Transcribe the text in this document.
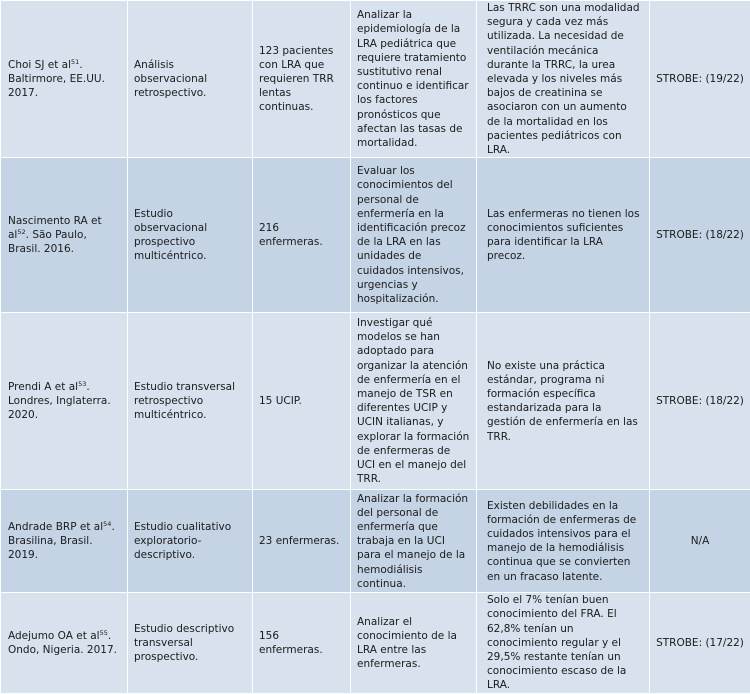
Choi SJ et $al^{51}$. Baltirmore, EE.UU. 2017.	Análisis observacional retrospectivo.	123 pacientes con LRA que requieren TRR lentas continuas.	Analizar la epidemiología de la LRA pediátrica que requiere tratamiento sustitutivo renal continuo e identificar los factores pronósticos que afectan las tasas de mortalidad.	Las TRRC son una modalidad segura y cada vez más utilizada. La necesidad de ventilación mecánica durante la TRRC, la urea elevada y los niveles más bajos de creatinina se asociaron con un aumento de la mortalidad en los pacientes pediátricos con LRA.	STROBE: (19/22)
Nascimento RA et $al^{52}$. São Paulo, Brasil. 2016.	Estudio observacional prospectivo multicéntrico.	216 enfermeras.	Evaluar los conocimientos del personal de enfermería en la identificación precoz de la LRA en las unidades de cuidados intensivos, urgencias y hospitalización.	Las enfermeras no tienen los conocimientos suficientes para identificar la LRA precoz.	STROBE: (18/22)
Prendi A et $al^{53}$. Londres, Inglaterra. 2020.	Estudio transversal retrospectivo multicéntrico.	15 UCIP.	Investigar qué modelos se han adoptado para organizar la atención de enfermería en el manejo de TSR en diferentes UCIP y UCIN italianas, y explorar la formación de enfermeras de UCI en el manejo del TRR.	No existe una práctica estándar, programa ni formación específica estandarizada para la gestión de enfermería en las TRR.	STROBE: (18/22)
Andrade BRP et $al^{54}$. Brasilina, Brasil. 2019.	Estudio cualitativo exploratorio-descriptivo.	23 enfermeras.	Analizar la formación del personal de enfermería que trabaja en la UCI para el manejo de la hemodiálisis continua.	Existen debilidades en la formación de enfermeras de cuidados intensivos para el manejo de la hemodiálisis continua que se convierten en un fracaso latente.	N/A
Adejumo OA et $al^{55}$. Ondo, Nigeria. 2017.	Estudio descriptivo transversal prospectivo.	156 enfermeras.	Analizar el conocimiento de la LRA entre las enfermeras.	Solo el 7% tenían buen conocimiento del FRA. El 62,8% tenían un conocimiento regular y el 29,5% restante tenían un conocimiento escaso de la LRA.	STROBE: (17/22)
